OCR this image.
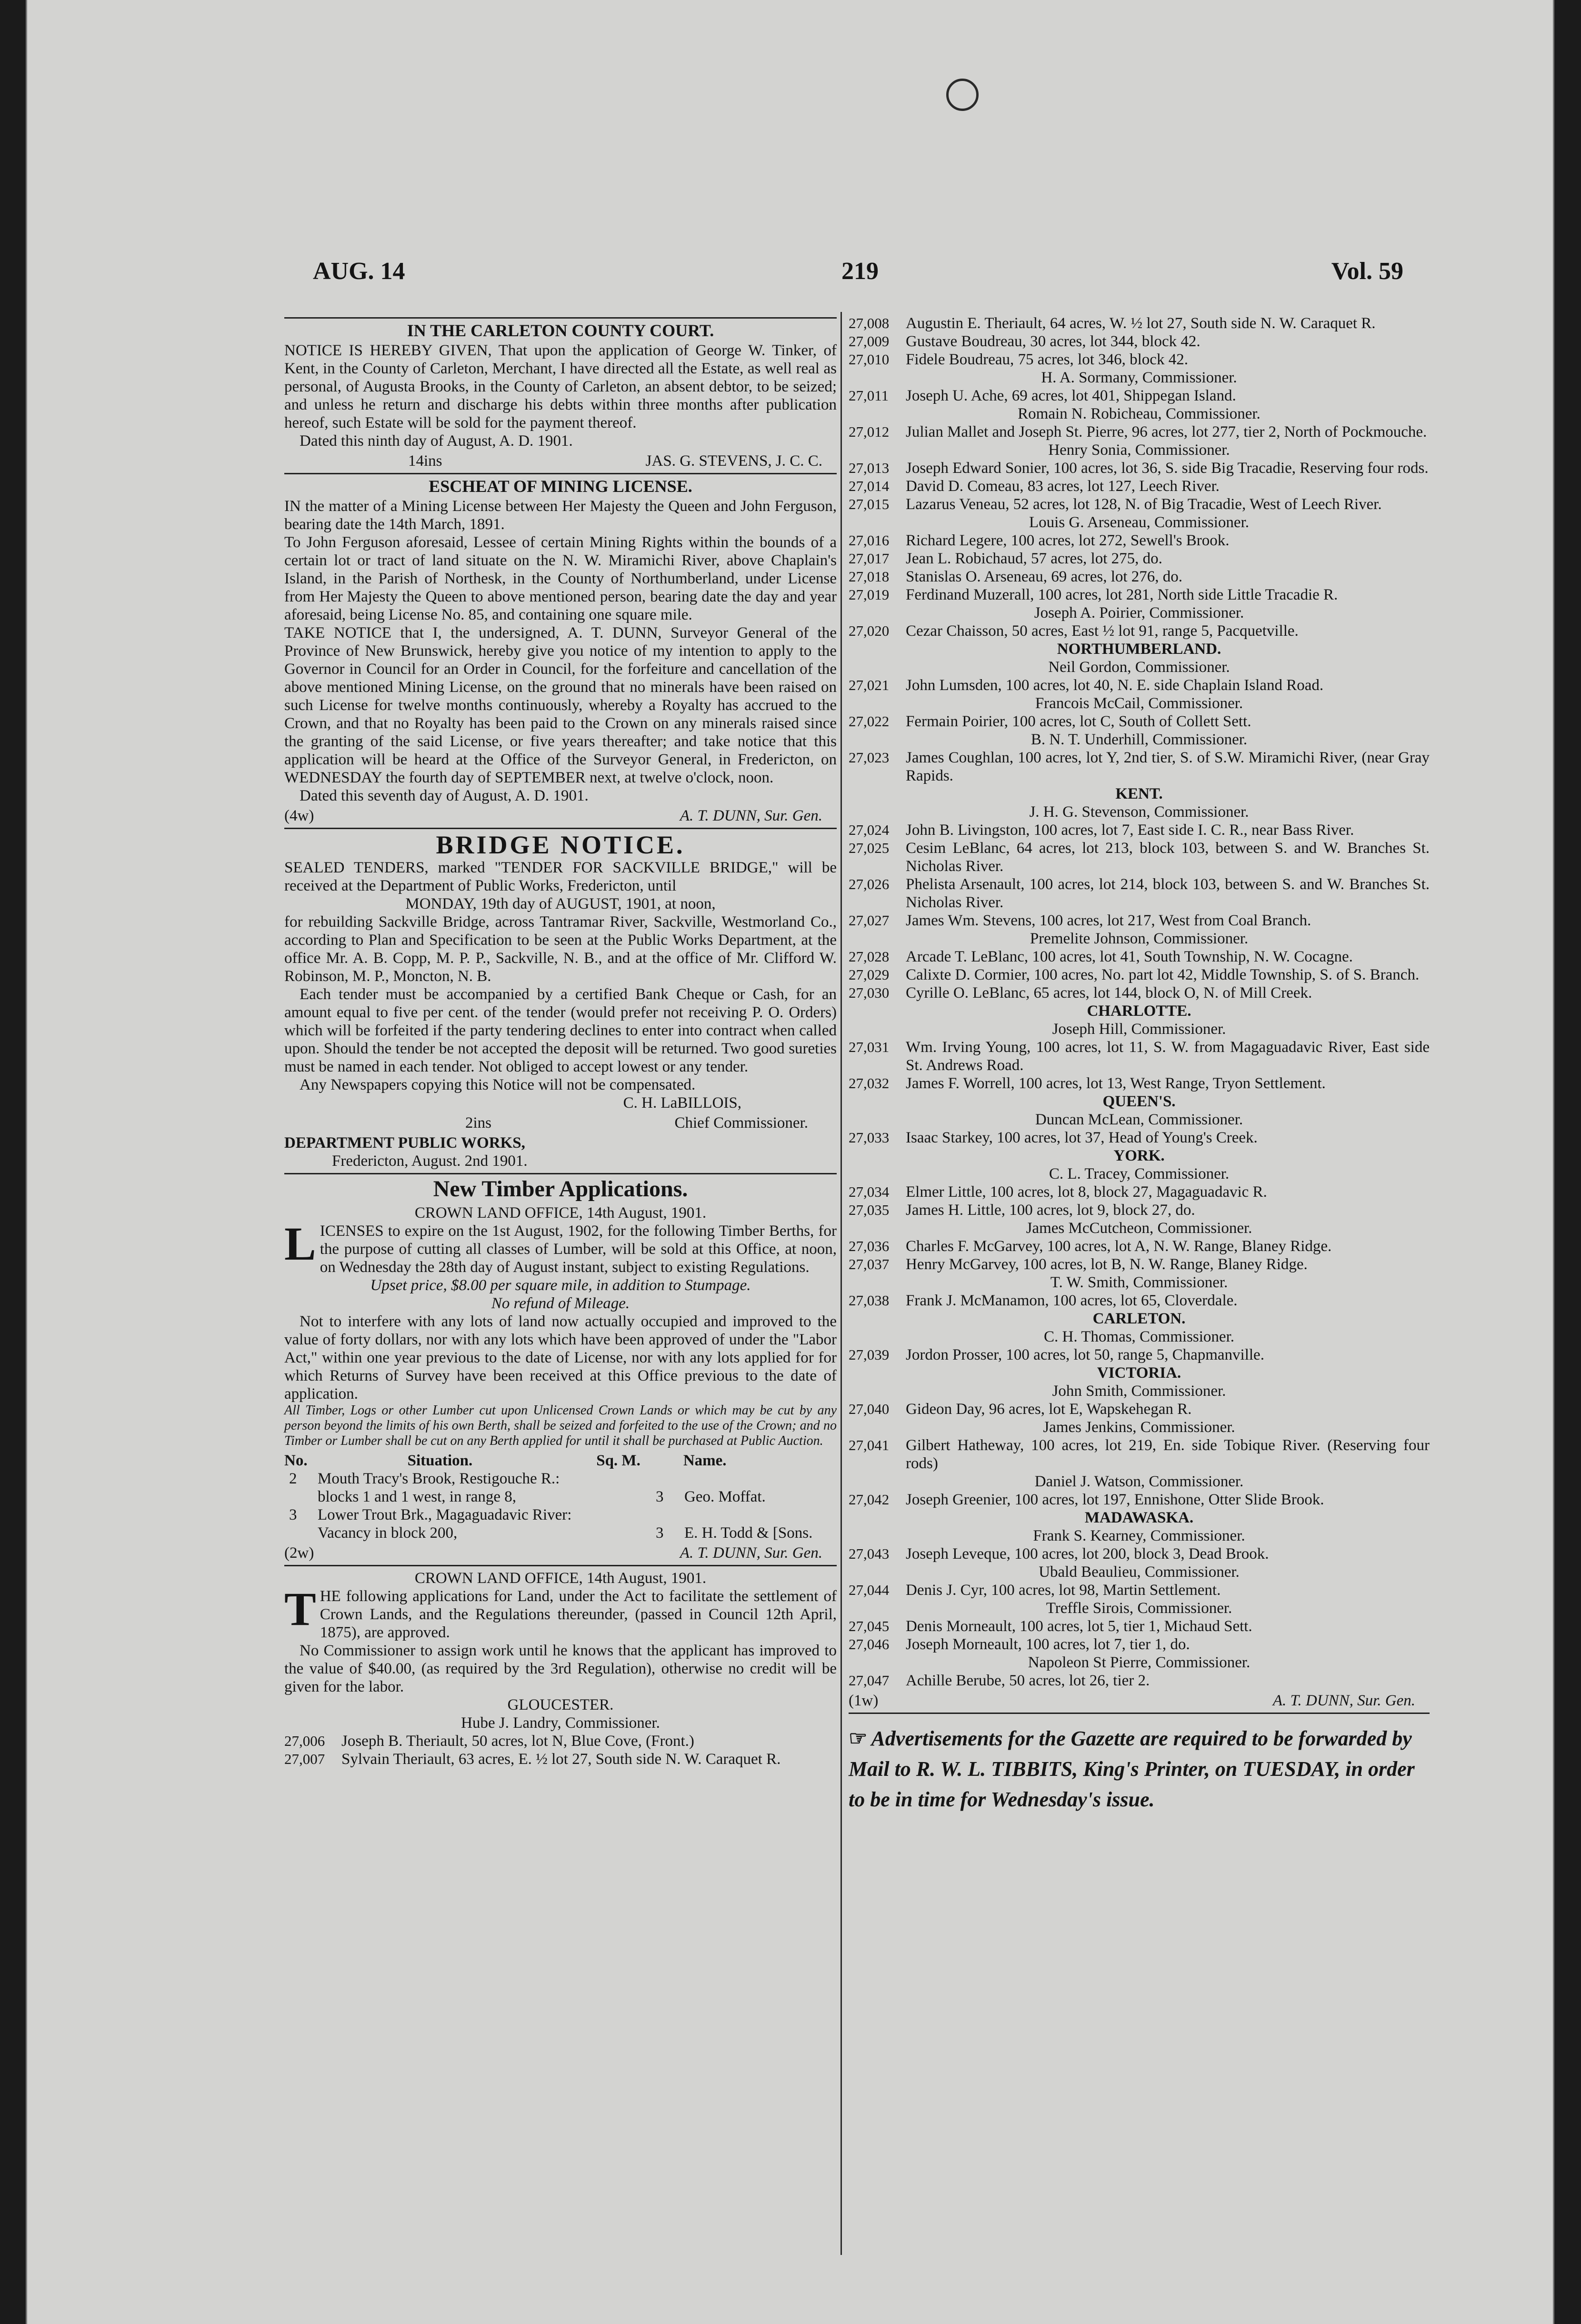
AUG. 14	219	Vol. 59
IN THE CARLETON COUNTY COURT.

NOTICE IS HEREBY GIVEN, That upon the application of George W. Tinker, of Kent, in the County of Carleton, Merchant, I have directed all the Estate, as well real as personal, of Augusta Brooks, in the County of Carleton, an absent debtor, to be seized; and unless he return and discharge his debts within three months after publication hereof, such Estate will be sold for the payment thereof.

Dated this ninth day of August, A. D. 1901.

14ins	JAS. G. STEVENS, J. C. C.
ESCHEAT OF MINING LICENSE.

IN the matter of a Mining License between Her Majesty the Queen and John Ferguson, bearing date the 14th March, 1891.

To John Ferguson aforesaid, Lessee of certain Mining Rights within the bounds of a certain lot or tract of land situate on the N. W. Miramichi River, above Chaplain's Island, in the Parish of Northesk, in the County of Northumberland, under License from Her Majesty the Queen to above mentioned person, bearing date the day and year aforesaid, being License No. 85, and containing one square mile.

TAKE NOTICE that I, the undersigned, A. T. DUNN, Surveyor General of the Province of New Brunswick, hereby give you notice of my intention to apply to the Governor in Council for an Order in Council, for the forfeiture and cancellation of the above mentioned Mining License, on the ground that no minerals have been raised on such License for twelve months continuously, whereby a Royalty has accrued to the Crown, and that no Royalty has been paid to the Crown on any minerals raised since the granting of the said License, or five years thereafter; and take notice that this application will be heard at the Office of the Surveyor General, in Fredericton, on WEDNESDAY the fourth day of SEPTEMBER next, at twelve o'clock, noon.

Dated this seventh day of August, A. D. 1901.

(4w)	A. T. DUNN, Sur. Gen.
BRIDGE NOTICE.

SEALED TENDERS, marked "TENDER FOR SACKVILLE BRIDGE," will be received at the Department of Public Works, Fredericton, until

MONDAY, 19th day of AUGUST, 1901, at noon,

for rebuilding Sackville Bridge, across Tantramar River, Sackville, Westmorland Co., according to Plan and Specification to be seen at the Public Works Department, at the office Mr. A. B. Copp, M. P. P., Sackville, N. B., and at the office of Mr. Clifford W. Robinson, M. P., Moncton, N. B.

Each tender must be accompanied by a certified Bank Cheque or Cash, for an amount equal to five per cent. of the tender (would prefer not receiving P. O. Orders) which will be forfeited if the party tendering declines to enter into contract when called upon. Should the tender be not accepted the deposit will be returned. Two good sureties must be named in each tender. Not obliged to accept lowest or any tender.

Any Newspapers copying this Notice will not be compensated.

C. H. LaBILLOIS,

2ins	Chief Commissioner.

DEPARTMENT PUBLIC WORKS,

Fredericton, August. 2nd 1901.

New Timber Applications.

CROWN LAND OFFICE, 14th August, 1901.

L ICENSES to expire on the 1st August, 1902, for the following Timber Berths, for the purpose of cutting all classes of Lumber, will be sold at this Office, at noon, on Wednesday the 28th day of August instant, subject to existing Regulations.

Upset price, $8.00 per square mile, in addition to Stumpage.

No refund of Mileage.

Not to interfere with any lots of land now actually occupied and improved to the value of forty dollars, nor with any lots which have been approved of under the "Labor Act," within one year previous to the date of License, nor with any lots applied for for which Returns of Survey have been received at this Office previous to the date of application.

All Timber, Logs or other Lumber cut upon Unlicensed Crown Lands or which may be cut by any person beyond the limits of his own Berth, shall be seized and forfeited to the use of the Crown; and no Timber or Lumber shall be cut on any Berth applied for until it shall be purchased at Public Auction.

No.	Situation.	Sq. M.	Name.
2 Mouth Tracy's Brook, Restigouche R.:
blocks 1 and 1 west, in range 8,	3 Geo. Moffat.
3 Lower Trout Brk., Magaguadavic River:
Vacancy in block 200,	3 E. H. Todd & [Sons.
(2w)	A. T. DUNN, Sur. Gen.

CROWN LAND OFFICE, 14th August, 1901.

T HE following applications for Land, under the Act to facilitate the settlement of Crown Lands, and the Regulations thereunder, (passed in Council 12th April, 1875), are approved.

No Commissioner to assign work until he knows that the applicant has improved to the value of $40.00, (as required by the 3rd Regulation), otherwise no credit will be given for the labor.

GLOUCESTER.

Hube J. Landry, Commissioner.

27,006	Joseph B. Theriault, 50 acres, lot N, Blue Cove, (Front.)
27,007	Sylvain Theriault, 63 acres, E. ½ lot 27, South side N. W. Caraquet R.
27,008	Augustin E. Theriault, 64 acres, W. ½ lot 27, South side N. W. Caraquet R.
27,009	Gustave Boudreau, 30 acres, lot 344, block 42.
27,010	Fidele Boudreau, 75 acres, lot 346, block 42.

H. A. Sormany, Commissioner.

27,011	Joseph U. Ache, 69 acres, lot 401, Shippegan Island.

Romain N. Robicheau, Commissioner.

27,012	Julian Mallet and Joseph St. Pierre, 96 acres, lot 277, tier 2, North of Pockmouche.

Henry Sonia, Commissioner.

27,013	Joseph Edward Sonier, 100 acres, lot 36, S. side Big Tracadie, Reserving four rods.
27,014	David D. Comeau, 83 acres, lot 127, Leech River.
27,015	Lazarus Veneau, 52 acres, lot 128, N. of Big Tracadie, West of Leech River.

Louis G. Arseneau, Commissioner.

27,016	Richard Legere, 100 acres, lot 272, Sewell's Brook.
27,017	Jean L. Robichaud, 57 acres, lot 275, do.
27,018	Stanislas O. Arseneau, 69 acres, lot 276, do.
27,019	Ferdinand Muzerall, 100 acres, lot 281, North side Little Tracadie R.

Joseph A. Poirier, Commissioner.

27,020	Cezar Chaisson, 50 acres, East ½ lot 91, range 5, Pacquetville.

NORTHUMBERLAND.

Neil Gordon, Commissioner.

27,021	John Lumsden, 100 acres, lot 40, N. E. side Chaplain Island Road.

Francois McCail, Commissioner.

27,022	Fermain Poirier, 100 acres, lot C, South of Collett Sett.

B. N. T. Underhill, Commissioner.

27,023	James Coughlan, 100 acres, lot Y, 2nd tier, S. of S.W. Miramichi River, (near Gray Rapids.

KENT.

J. H. G. Stevenson, Commissioner.

27,024	John B. Livingston, 100 acres, lot 7, East side I. C. R., near Bass River.
27,025	Cesim LeBlanc, 64 acres, lot 213, block 103, between S. and W. Branches St. Nicholas River.
27,026	Phelista Arsenault, 100 acres, lot 214, block 103, between S. and W. Branches St. Nicholas River.
27,027	James Wm. Stevens, 100 acres, lot 217, West from Coal Branch.

Premelite Johnson, Commissioner.

27,028	Arcade T. LeBlanc, 100 acres, lot 41, South Township, N. W. Cocagne.
27,029	Calixte D. Cormier, 100 acres, No. part lot 42, Middle Township, S. of S. Branch.
27,030	Cyrille O. LeBlanc, 65 acres, lot 144, block O, N. of Mill Creek.

CHARLOTTE.

Joseph Hill, Commissioner.

27,031	Wm. Irving Young, 100 acres, lot 11, S. W. from Magaguadavic River, East side St. Andrews Road.
27,032	James F. Worrell, 100 acres, lot 13, West Range, Tryon Settlement.

QUEEN'S.

Duncan McLean, Commissioner.

27,033	Isaac Starkey, 100 acres, lot 37, Head of Young's Creek.

YORK.

C. L. Tracey, Commissioner.

27,034	Elmer Little, 100 acres, lot 8, block 27, Magaguadavic R.
27,035	James H. Little, 100 acres, lot 9, block 27, do.

James McCutcheon, Commissioner.

27,036	Charles F. McGarvey, 100 acres, lot A, N. W. Range, Blaney Ridge.
27,037	Henry McGarvey, 100 acres, lot B, N. W. Range, Blaney Ridge.

T. W. Smith, Commissioner.

27,038	Frank J. McManamon, 100 acres, lot 65, Cloverdale.

CARLETON.

C. H. Thomas, Commissioner.

27,039	Jordon Prosser, 100 acres, lot 50, range 5, Chapmanville.

VICTORIA.

John Smith, Commissioner.

27,040	Gideon Day, 96 acres, lot E, Wapskehegan R.

James Jenkins, Commissioner.

27,041	Gilbert Hatheway, 100 acres, lot 219, En. side Tobique River. (Reserving four rods)

Daniel J. Watson, Commissioner.

27,042	Joseph Greenier, 100 acres, lot 197, Ennishone, Otter Slide Brook.

MADAWASKA.

Frank S. Kearney, Commissioner.

27,043	Joseph Leveque, 100 acres, lot 200, block 3, Dead Brook.

Ubald Beaulieu, Commissioner.

27,044	Denis J. Cyr, 100 acres, lot 98, Martin Settlement.

Treffle Sirois, Commissioner.

27,045	Denis Morneault, 100 acres, lot 5, tier 1, Michaud Sett.
27,046	Joseph Morneault, 100 acres, lot 7, tier 1, do.

Napoleon St Pierre, Commissioner.

27,047	Achille Berube, 50 acres, lot 26, tier 2.
(1w)	A. T. DUNN, Sur. Gen.
☞ Advertisements for the Gazette are required to be forwarded by Mail to R. W. L. TIBBITS, King's Printer, on TUESDAY, in order to be in time for Wednesday's issue.
